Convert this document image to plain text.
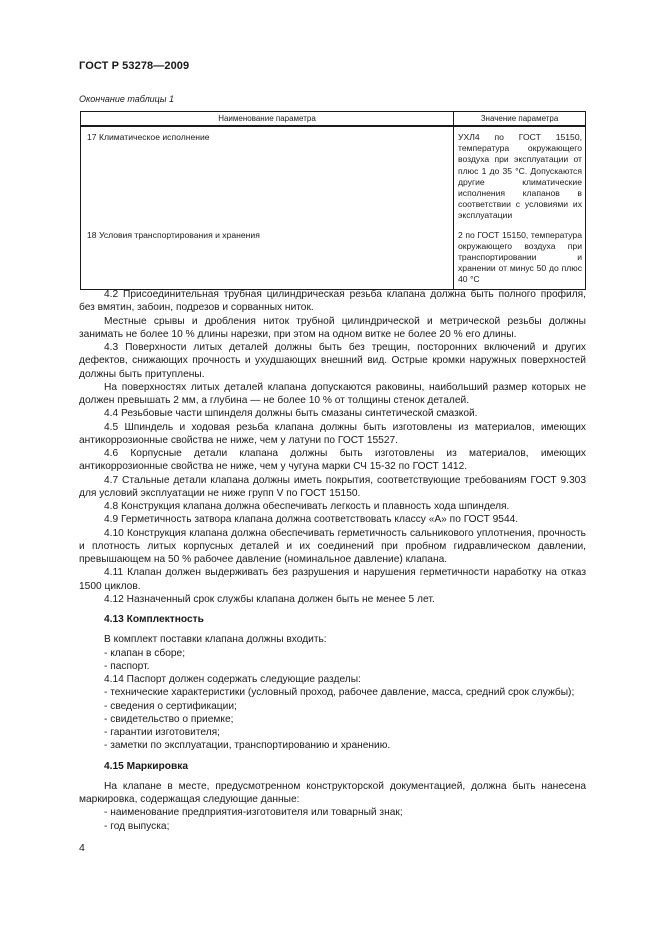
ГОСТ Р 53278—2009
Окончание таблицы 1
Наименование параметра	Значение параметра
17 Климатическое исполнение	УХЛ4 по ГОСТ 15150, температура окружающего воздуха при эксплуатации от плюс 1 до 35 °С. Допускаются другие климатические исполнения клапанов в соответствии с условиями их эксплуатации
18 Условия транспортирования и хранения	2 по ГОСТ 15150, температура окружающего воздуха при транспортировании и хранении от минус 50 до плюс 40 °С

4.2 Присоединительная трубная цилиндрическая резьба клапана должна быть полного профиля, без вмятин, забоин, подрезов и сорванных ниток.

Местные срывы и дробления ниток трубной цилиндрической и метрической резьбы должны занимать не более 10 % длины нарезки, при этом на одном витке не более 20 % его длины.

4.3 Поверхности литых деталей должны быть без трещин, посторонних включений и других дефектов, снижающих прочность и ухудшающих внешний вид. Острые кромки наружных поверхностей должны быть притуплены.

На поверхностях литых деталей клапана допускаются раковины, наибольший размер которых не должен превышать 2 мм, а глубина — не более 10 % от толщины стенок деталей.

4.4 Резьбовые части шпинделя должны быть смазаны синтетической смазкой.

4.5 Шпиндель и ходовая резьба клапана должны быть изготовлены из материалов, имеющих антикоррозионные свойства не ниже, чем у латуни по ГОСТ 15527.

4.6 Корпусные детали клапана должны быть изготовлены из материалов, имеющих антикоррозионные свойства не ниже, чем у чугуна марки СЧ 15-32 по ГОСТ 1412.

4.7 Стальные детали клапана должны иметь покрытия, соответствующие требованиям ГОСТ 9.303 для условий эксплуатации не ниже групп V по ГОСТ 15150.

4.8 Конструкция клапана должна обеспечивать легкость и плавность хода шпинделя.

4.9 Герметичность затвора клапана должна соответствовать классу «А» по ГОСТ 9544.

4.10 Конструкция клапана должна обеспечивать герметичность сальникового уплотнения, прочность и плотность литых корпусных деталей и их соединений при пробном гидравлическом давлении, превышающем на 50 % рабочее давление (номинальное давление) клапана.

4.11 Клапан должен выдерживать без разрушения и нарушения герметичности наработку на отказ 1500 циклов.

4.12 Назначенный срок службы клапана должен быть не менее 5 лет.

4.13 Комплектность

В комплект поставки клапана должны входить:

- клапан в сборе;

- паспорт.

4.14 Паспорт должен содержать следующие разделы:

- технические характеристики (условный проход, рабочее давление, масса, средний срок службы);

- сведения о сертификации;

- свидетельство о приемке;

- гарантии изготовителя;

- заметки по эксплуатации, транспортированию и хранению.

4.15 Маркировка

На клапане в месте, предусмотренном конструкторской документацией, должна быть нанесена маркировка, содержащая следующие данные:

- наименование предприятия-изготовителя или товарный знак;

- год выпуска;

4
